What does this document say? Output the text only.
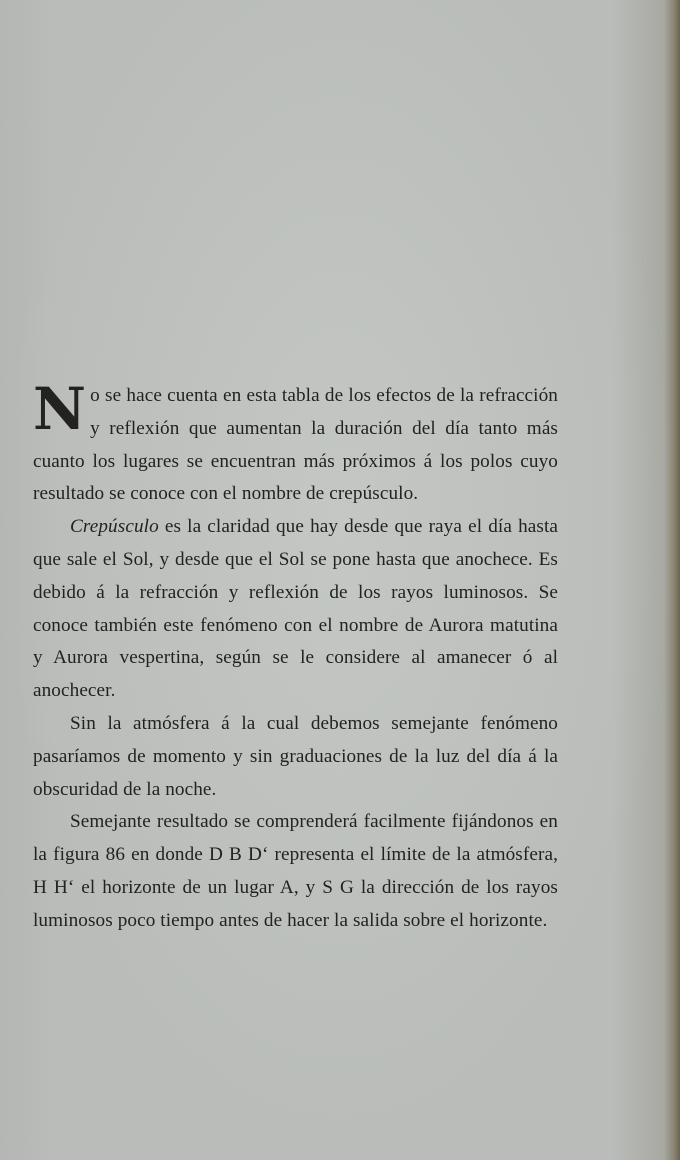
No se hace cuenta en esta tabla de los efectos de la refracción y reflexión que aumentan la duración del día tanto más cuanto los lugares se encuentran más próximos á los polos cuyo resultado se conoce con el nombre de crepúsculo.

Crepúsculo es la claridad que hay desde que raya el día hasta que sale el Sol, y desde que el Sol se pone hasta que anochece. Es debido á la refracción y reflexión de los rayos luminosos. Se conoce también este fenómeno con el nombre de Aurora matutina y Aurora vespertina, según se le considere al amanecer ó al anochecer.

Sin la atmósfera á la cual debemos semejante fenómeno pasaríamos de momento y sin graduaciones de la luz del día á la obscuridad de la noche.

Semejante resultado se comprenderá facilmente fijándonos en la figura 86 en donde D B D‘ representa el límite de la atmósfera, H H‘ el horizonte de un lugar A, y S G la dirección de los rayos luminosos poco tiempo antes de hacer la salida sobre el horizonte.
